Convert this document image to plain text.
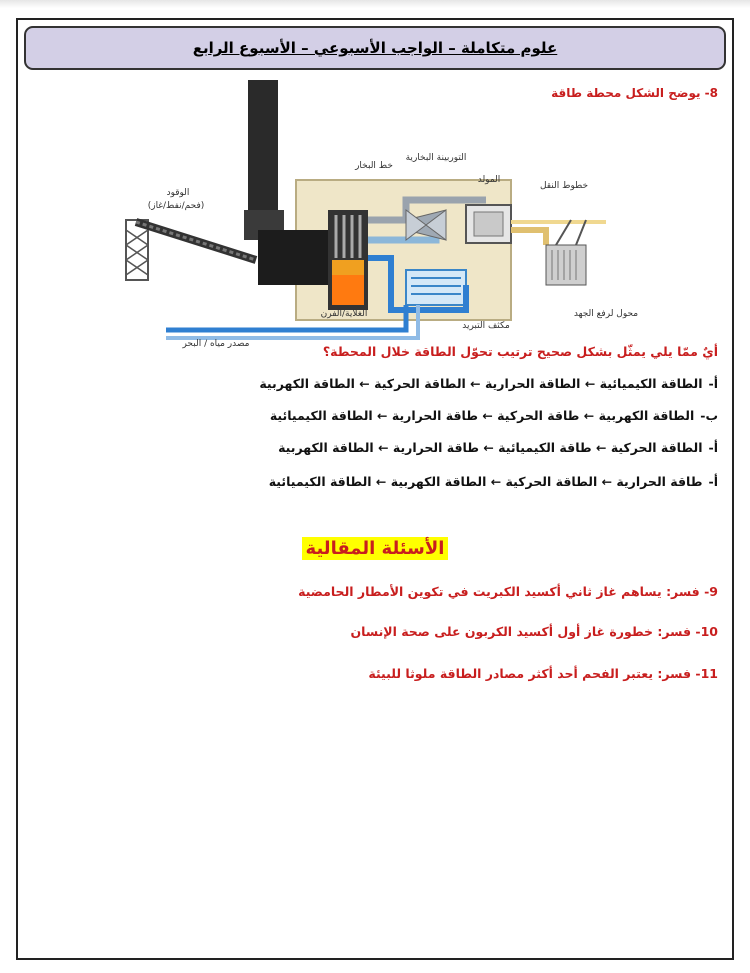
علوم متكاملة – الواجب الأسبوعي – الأسبوع الرابع
8- يوضح الشكل محطة طاقة
الوقود
(فحم/نفط/غاز)
خط البخار
التوربينة البخارية
المولد
خطوط النقل
الغلاية/الفرن
مكثف التبريد
محول لرفع الجهد
مصدر مياه / البحر	أيٌ ممّا يلي يمثّل بشكل صحيح ترتيب تحوّل الطاقة خلال المحطة؟
أ-
الطاقة الكيميائية ← الطاقة الحرارية ← الطاقة الحركية ← الطاقة الكهربية
ب-
الطاقة الكهربية ← طاقة الحركية ← طاقة الحرارية ← الطاقة الكيميائية
أ-
الطاقة الحركية ← طاقة الكيميائية ← طاقة الحرارية ← الطاقة الكهربية
أ-
طاقة الحرارية ← الطاقة الحركية ← الطاقة الكهربية ← الطاقة الكيميائية
الأسئلة المقالية
9- فسر: يساهم غاز ثاني أكسيد الكبريت في تكوين الأمطار الحامضية
10- فسر: خطورة غاز أول أكسيد الكربون على صحة الإنسان
11- فسر: يعتبر الفحم أحد أكثر مصادر الطاقة ملوثا للبيئة
